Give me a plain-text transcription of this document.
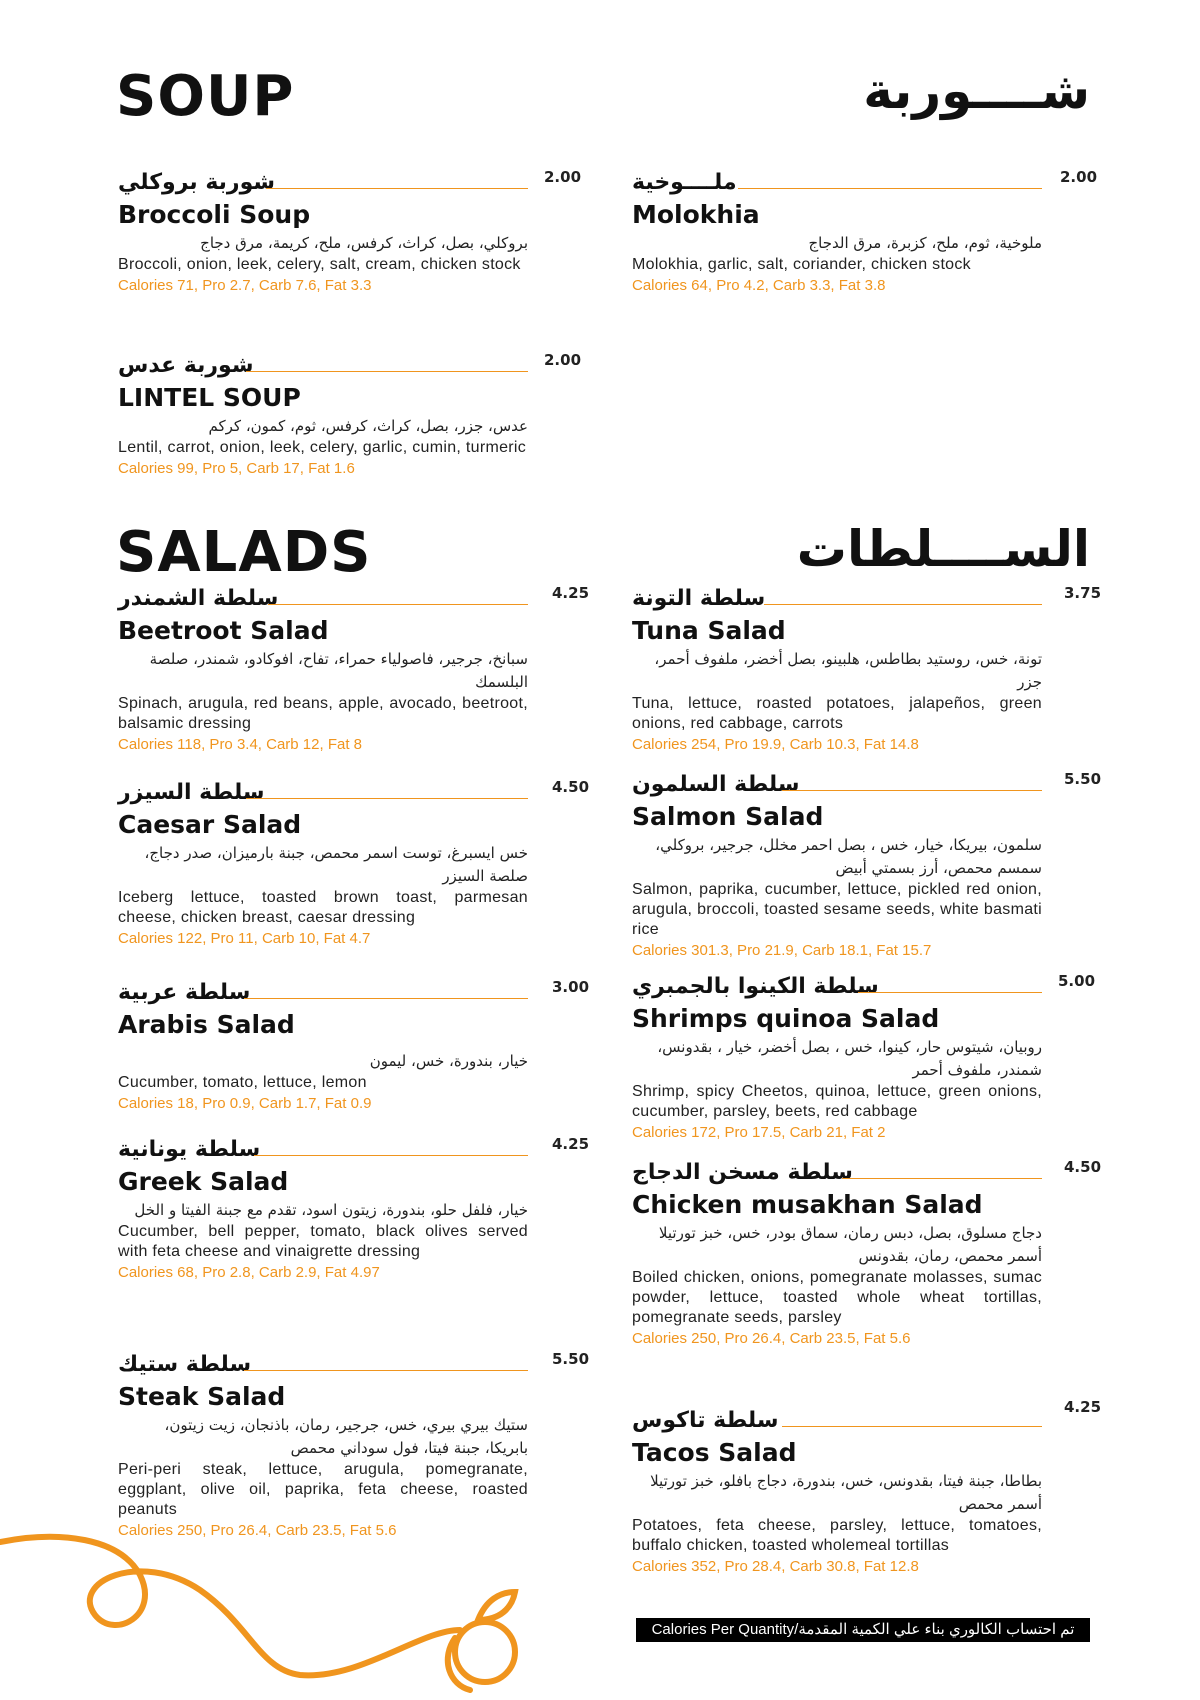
SOUP	شــــوربة
SALADS	الســــلطات
شوربة بروكلي	2.00
Broccoli Soup
بروكلي، بصل، كراث، كرفس، ملح، كريمة، مرق دجاج
Broccoli, onion, leek, celery, salt, cream, chicken stock
Calories 71, Pro 2.7, Carb 7.6, Fat 3.3
ملــــوخية	2.00
Molokhia
ملوخية، ثوم، ملح، كزبرة، مرق الدجاج
Molokhia, garlic, salt, coriander, chicken stock
Calories 64, Pro 4.2, Carb 3.3, Fat 3.8
شوربة عدس	2.00
LINTEL SOUP
عدس، جزر، بصل، كراث، كرفس، ثوم، كمون، كركم
Lentil, carrot, onion, leek, celery, garlic, cumin, turmeric
Calories 99, Pro 5, Carb 17, Fat 1.6
سلطة الشمندر	4.25
Beetroot Salad
سبانخ، جرجير، فاصولياء حمراء، تفاح، افوكادو، شمندر، صلصة البلسمك
Spinach, arugula, red beans, apple, avocado, beetroot, balsamic dressing
Calories 118, Pro 3.4, Carb 12, Fat 8
سلطة السيزر	4.50
Caesar Salad
خس ايسبرغ، توست اسمر محمص، جبنة بارميزان، صدر دجاج، صلصة السيزر
Iceberg lettuce, toasted brown toast, parmesan cheese, chicken breast, caesar dressing
Calories 122, Pro 11, Carb 10, Fat 4.7
سلطة عربية	3.00
Arabis Salad
خيار، بندورة، خس، ليمون
Cucumber, tomato, lettuce, lemon
Calories 18, Pro 0.9, Carb 1.7, Fat 0.9
سلطة يونانية	4.25
Greek Salad
خيار، فلفل حلو، بندورة، زيتون اسود، تقدم مع جبنة الفيتا و الخل
Cucumber, bell pepper, tomato, black olives served with feta cheese and vinaigrette dressing
Calories 68, Pro 2.8, Carb 2.9, Fat 4.97
سلطة ستيك	5.50
Steak Salad
ستيك بيري بيري، خس، جرجير، رمان، باذنجان، زيت زيتون، بابريكا، جبنة فيتا، فول سوداني محمص
Peri-peri steak, lettuce, arugula, pomegranate, eggplant, olive oil, paprika, feta cheese, roasted peanuts
Calories 250, Pro 26.4, Carb 23.5, Fat 5.6
سلطة التونة	3.75
Tuna Salad
تونة، خس، روستيد بطاطس، هلبينو، بصل أخضر، ملفوف أحمر، جزر
Tuna, lettuce, roasted potatoes, jalapeños, green onions, red cabbage, carrots
Calories 254, Pro 19.9, Carb 10.3, Fat 14.8
سلطة السلمون	5.50
Salmon Salad
سلمون، بيريكا، خيار، خس ، بصل احمر مخلل، جرجير، بروكلي، سمسم محمص، أرز بسمتي أبيض
Salmon, paprika, cucumber, lettuce, pickled red onion, arugula, broccoli, toasted sesame seeds, white basmati rice
Calories 301.3, Pro 21.9, Carb 18.1, Fat 15.7
سلطة الكينوا بالجمبري	5.00
Shrimps quinoa Salad
روبيان، شيتوس حار، كينوا، خس ، بصل أخضر، خيار ، بقدونس، شمندر، ملفوف أحمر
Shrimp, spicy Cheetos, quinoa, lettuce, green onions, cucumber, parsley, beets, red cabbage
Calories 172, Pro 17.5, Carb 21, Fat 2
سلطة مسخن الدجاج	4.50
Chicken musakhan Salad
دجاج مسلوق، بصل، دبس رمان، سماق بودر، خس، خبز تورتيلا أسمر محمص، رمان، بقدونس
Boiled chicken, onions, pomegranate molasses, sumac powder, lettuce, toasted whole wheat tortillas, pomegranate seeds, parsley
Calories 250, Pro 26.4, Carb 23.5, Fat 5.6
سلطة تاكوس
4.25
Tacos Salad
بطاطا، جبنة فيتا، بقدونس، خس، بندورة، دجاج بافلو، خبز تورتيلا أسمر محمص
Potatoes, feta cheese, parsley, lettuce, tomatoes, buffalo chicken, toasted wholemeal tortillas
Calories 352, Pro 28.4, Carb 30.8, Fat 12.8
Calories Per Quantity/تم احتساب الكالوري بناء علي الكمية المقدمة
